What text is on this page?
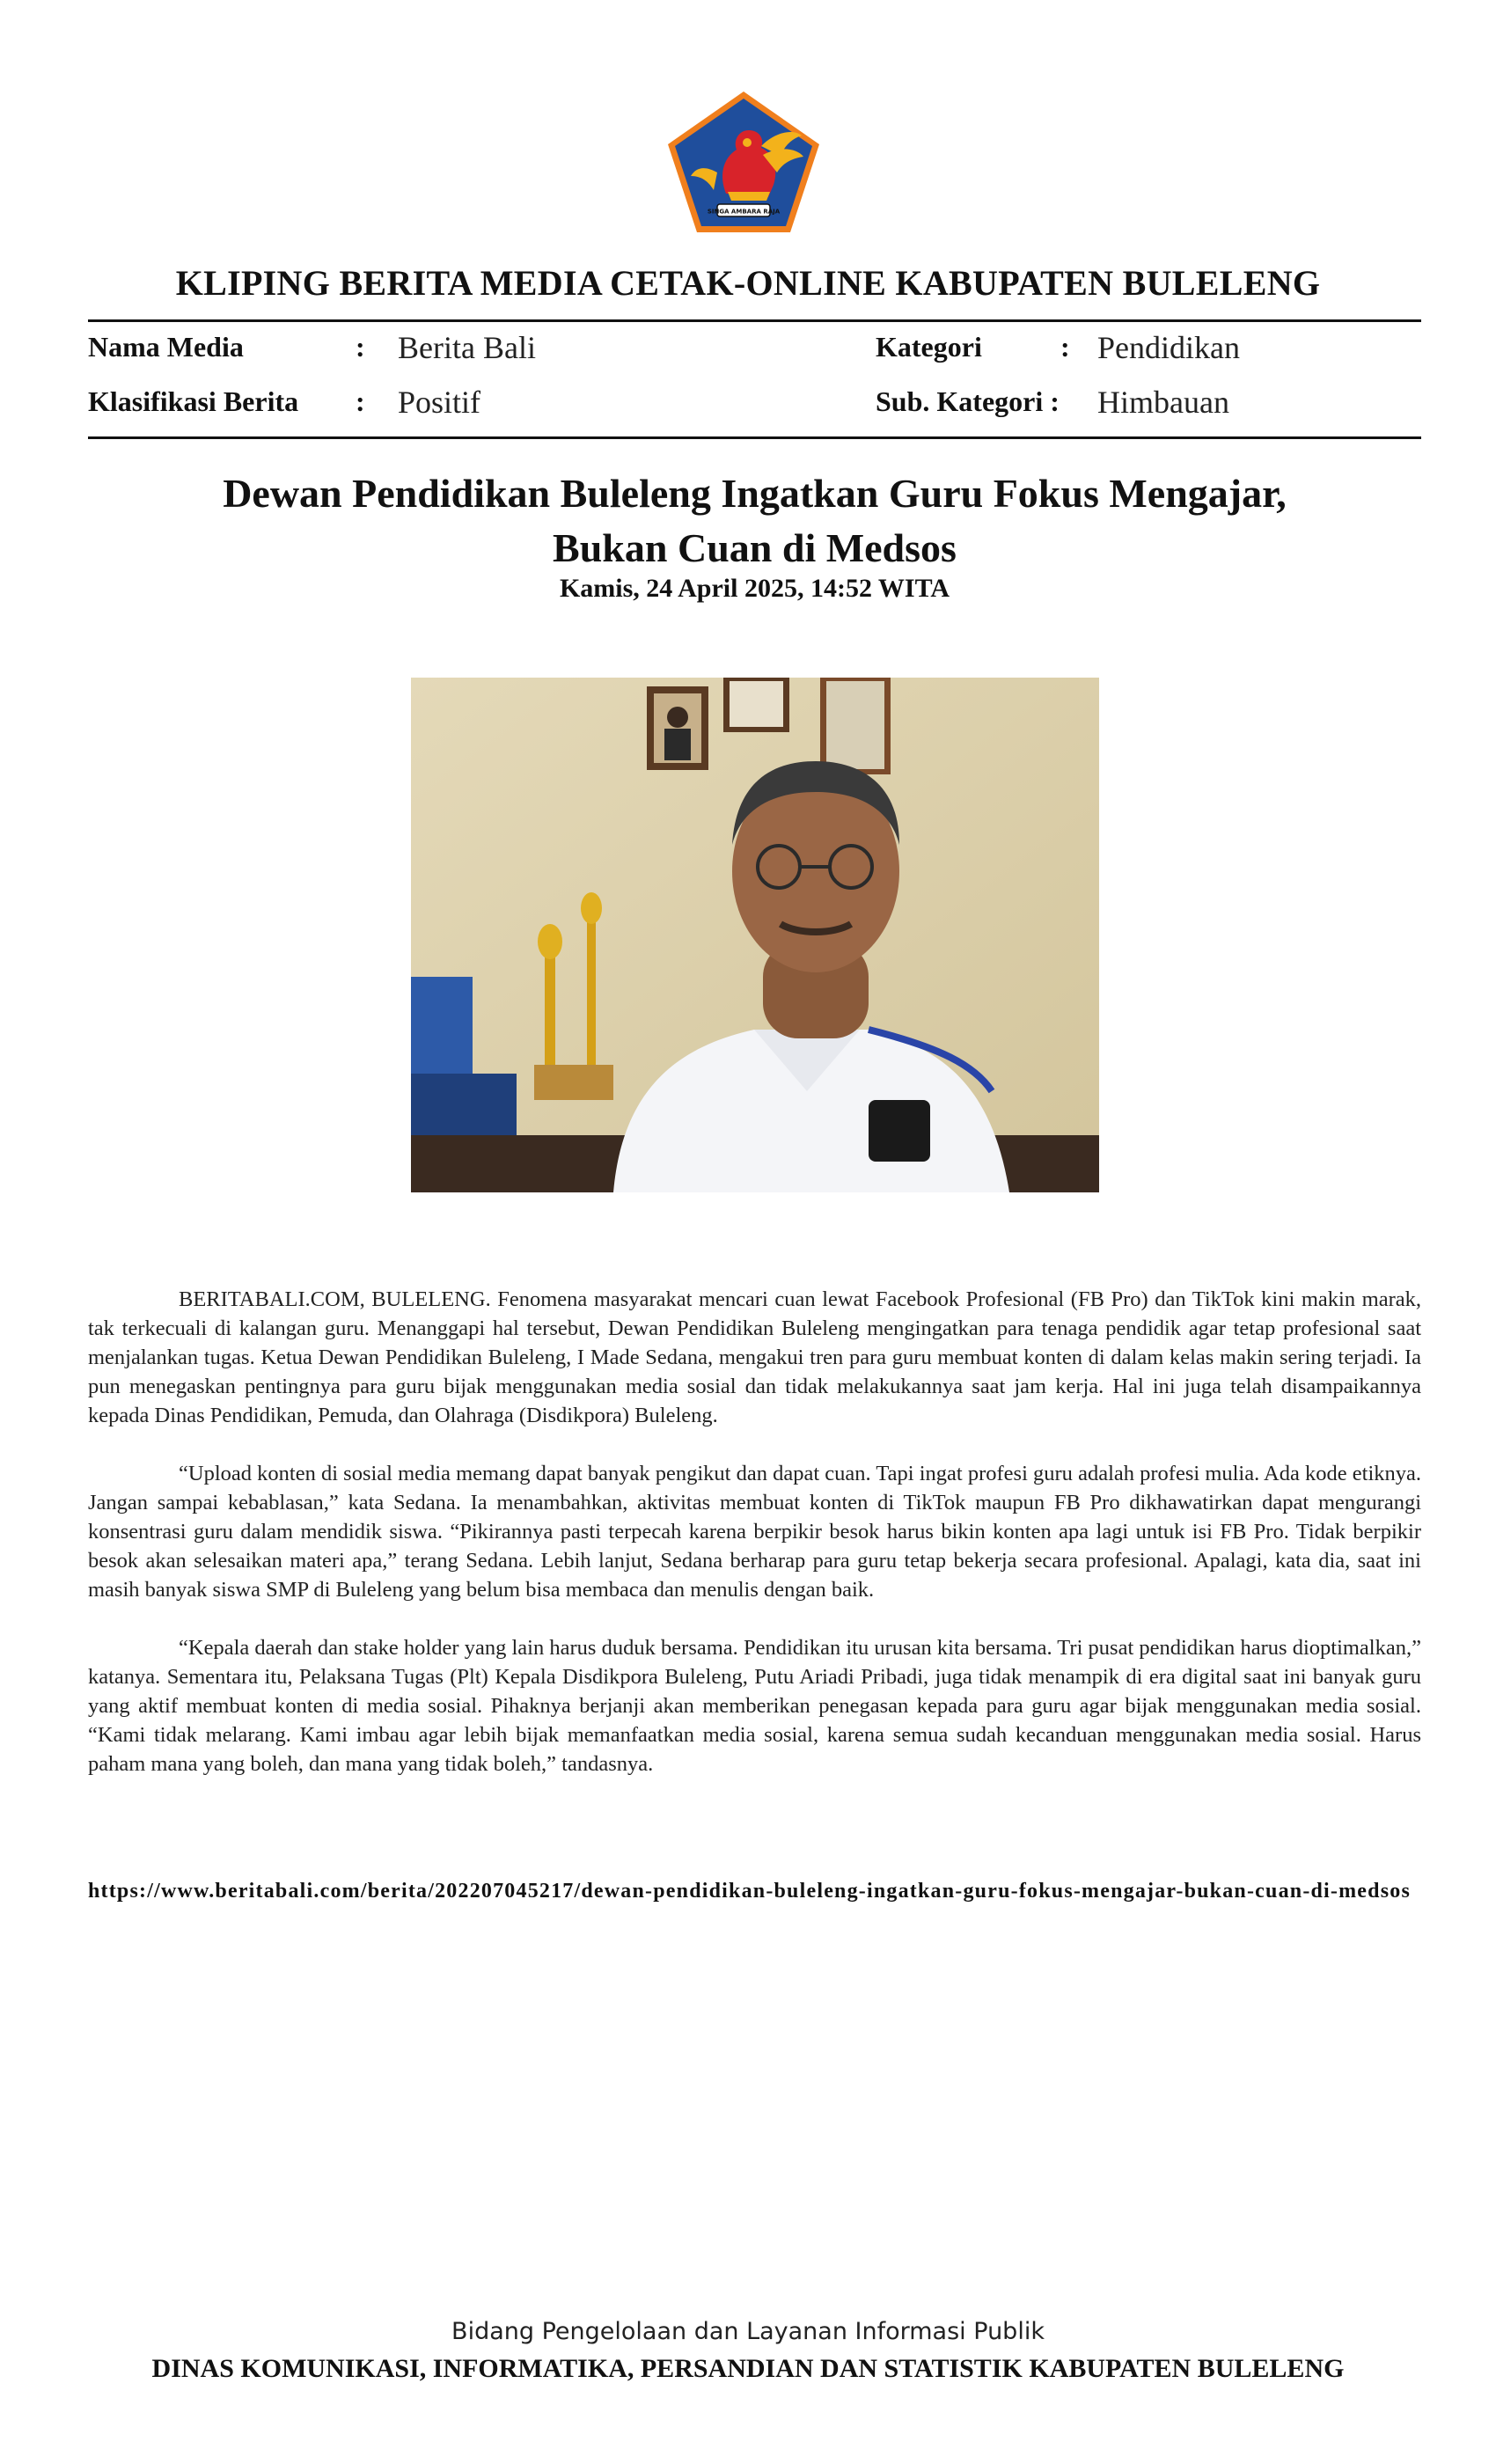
SINGA AMBARA RAJA
KLIPING BERITA MEDIA CETAK-ONLINE KABUPATEN BULELENG
Nama Media	: Berita Bali
Klasifikasi Berita : Positif
Kategori	: Pendidikan
Sub. Kategori : Himbauan
Dewan Pendidikan Buleleng Ingatkan Guru Fokus Mengajar,
Bukan Cuan di Medsos
Kamis, 24 April 2025, 14:52 WITA

BERITABALI.COM, BULELENG. Fenomena masyarakat mencari cuan lewat Facebook Profesional (FB Pro) dan TikTok kini makin marak, tak terkecuali di kalangan guru. Menanggapi hal tersebut, Dewan Pendidikan Buleleng mengingatkan para tenaga pendidik agar tetap profesional saat menjalankan tugas. Ketua Dewan Pendidikan Buleleng, I Made Sedana, mengakui tren para guru membuat konten di dalam kelas makin sering terjadi. Ia pun menegaskan pentingnya para guru bijak menggunakan media sosial dan tidak melakukannya saat jam kerja. Hal ini juga telah disampaikannya kepada Dinas Pendidikan, Pemuda, dan Olahraga (Disdikpora) Buleleng.

“Upload konten di sosial media memang dapat banyak pengikut dan dapat cuan. Tapi ingat profesi guru adalah profesi mulia. Ada kode etiknya. Jangan sampai kebablasan,” kata Sedana. Ia menambahkan, aktivitas membuat konten di TikTok maupun FB Pro dikhawatirkan dapat mengurangi konsentrasi guru dalam mendidik siswa. “Pikirannya pasti terpecah karena berpikir besok harus bikin konten apa lagi untuk isi FB Pro. Tidak berpikir besok akan selesaikan materi apa,” terang Sedana. Lebih lanjut, Sedana berharap para guru tetap bekerja secara profesional. Apalagi, kata dia, saat ini masih banyak siswa SMP di Buleleng yang belum bisa membaca dan menulis dengan baik.

“Kepala daerah dan stake holder yang lain harus duduk bersama. Pendidikan itu urusan kita bersama. Tri pusat pendidikan harus dioptimalkan,” katanya. Sementara itu, Pelaksana Tugas (Plt) Kepala Disdikpora Buleleng, Putu Ariadi Pribadi, juga tidak menampik di era digital saat ini banyak guru yang aktif membuat konten di media sosial. Pihaknya berjanji akan memberikan penegasan kepada para guru agar bijak menggunakan media sosial. “Kami tidak melarang. Kami imbau agar lebih bijak memanfaatkan media sosial, karena semua sudah kecanduan menggunakan media sosial. Harus paham mana yang boleh, dan mana yang tidak boleh,” tandasnya.

https://www.beritabali.com/berita/202207045217/dewan-pendidikan-buleleng-ingatkan-guru-fokus-mengajar-bukan-cuan-di-medsos
Bidang Pengelolaan dan Layanan Informasi Publik
DINAS KOMUNIKASI, INFORMATIKA, PERSANDIAN DAN STATISTIK KABUPATEN BULELENG
